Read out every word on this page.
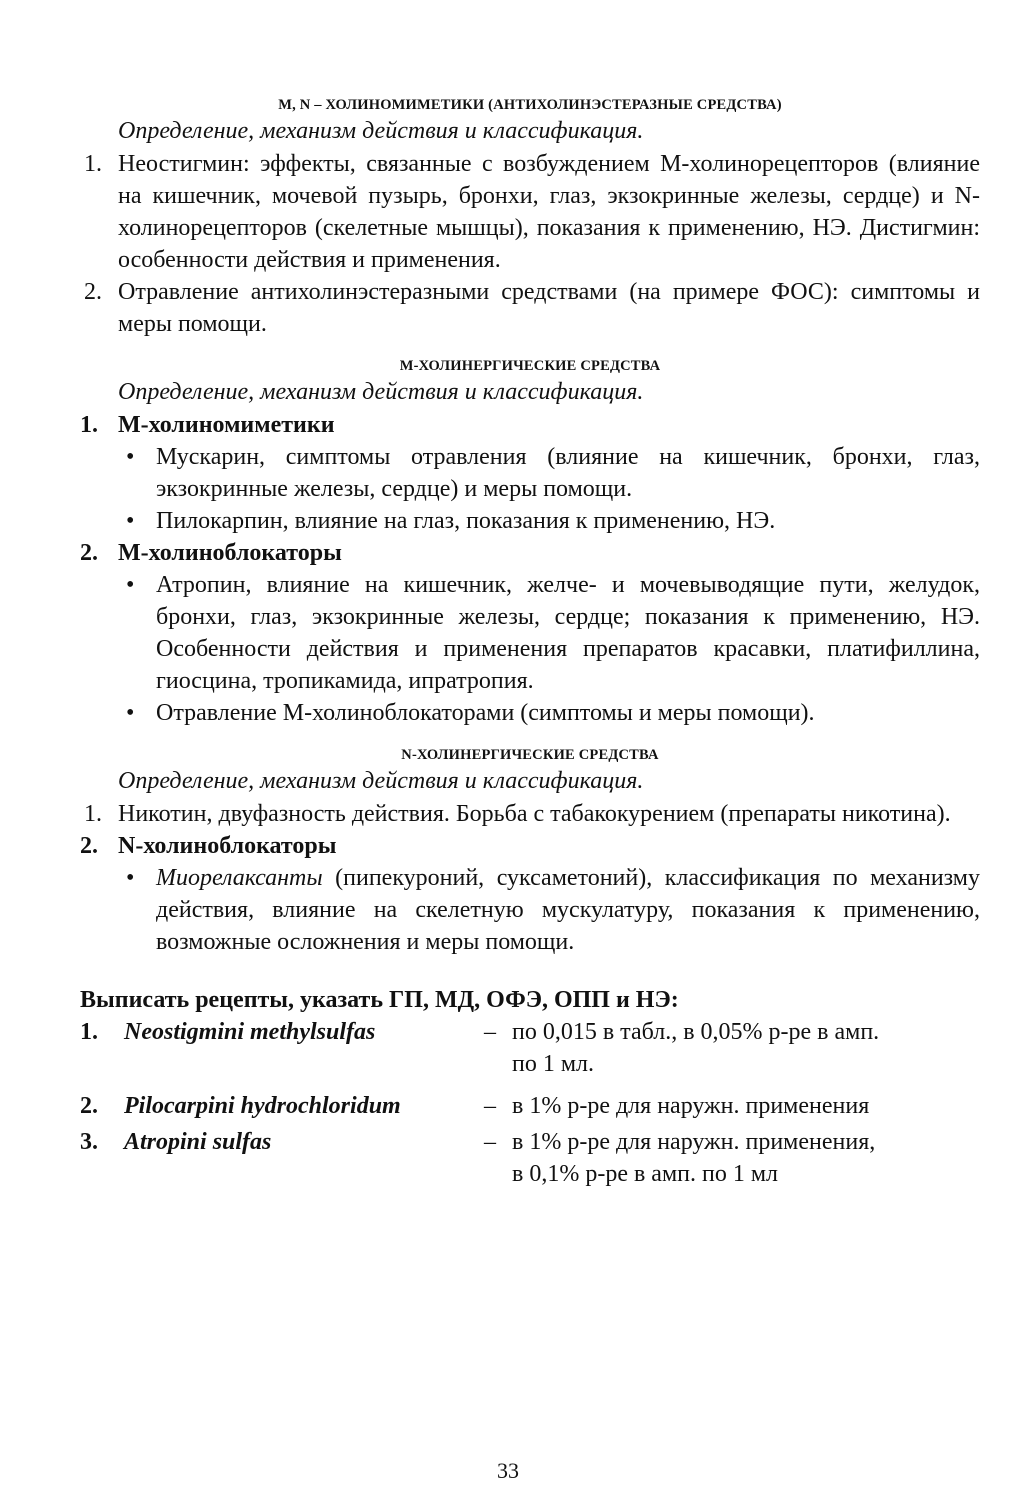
М, N – ХОЛИНОМИМЕТИКИ (АНТИХОЛИНЭСТЕРАЗНЫЕ СРЕДСТВА)
Определение, механизм действия и классификация.
1. Неостигмин: эффекты, связанные с возбуждением М-холинорецепторов (влияние на кишечник, мочевой пузырь, бронхи, глаз, экзокринные железы, сердце) и N-холинорецепторов (скелетные мышцы), показания к применению, НЭ. Дистигмин: особенности действия и применения.
2. Отравление антихолинэстеразными средствами (на примере ФОС): симптомы и меры помощи.
М-ХОЛИНЕРГИЧЕСКИЕ СРЕДСТВА
Определение, механизм действия и классификация.
1. М-холиномиметики
• Мускарин, симптомы отравления (влияние на кишечник, бронхи, глаз, экзокринные железы, сердце) и меры помощи.
• Пилокарпин, влияние на глаз, показания к применению, НЭ.
2. М-холиноблокаторы
• Атропин, влияние на кишечник, желче- и мочевыводящие пути, желудок, бронхи, глаз, экзокринные железы, сердце; показания к применению, НЭ. Особенности действия и применения препаратов красавки, платифиллина, гиосцина, тропикамида, ипратропия.
• Отравление М-холиноблокаторами (симптомы и меры помощи).
N-ХОЛИНЕРГИЧЕСКИЕ СРЕДСТВА
Определение, механизм действия и классификация.
1. Никотин, двуфазность действия. Борьба с табакокурением (препараты никотина).
2. N-холиноблокаторы
• Миорелаксанты (пипекуроний, суксаметоний), классификация по механизму действия, влияние на скелетную мускулатуру, показания к применению, возможные осложнения и меры помощи.
Выписать рецепты, указать ГП, МД, ОФЭ, ОПП и НЭ:
1. Neostigmini methylsulfas	– по 0,015 в табл., в 0,05% р-ре в амп.
по 1 мл.
2. Pilocarpini hydrochloridum	– в 1% р-ре для наружн. применения
3. Atropini sulfas	– в 1% р-ре для наружн. применения,
в 0,1% р-ре в амп. по 1 мл
33
